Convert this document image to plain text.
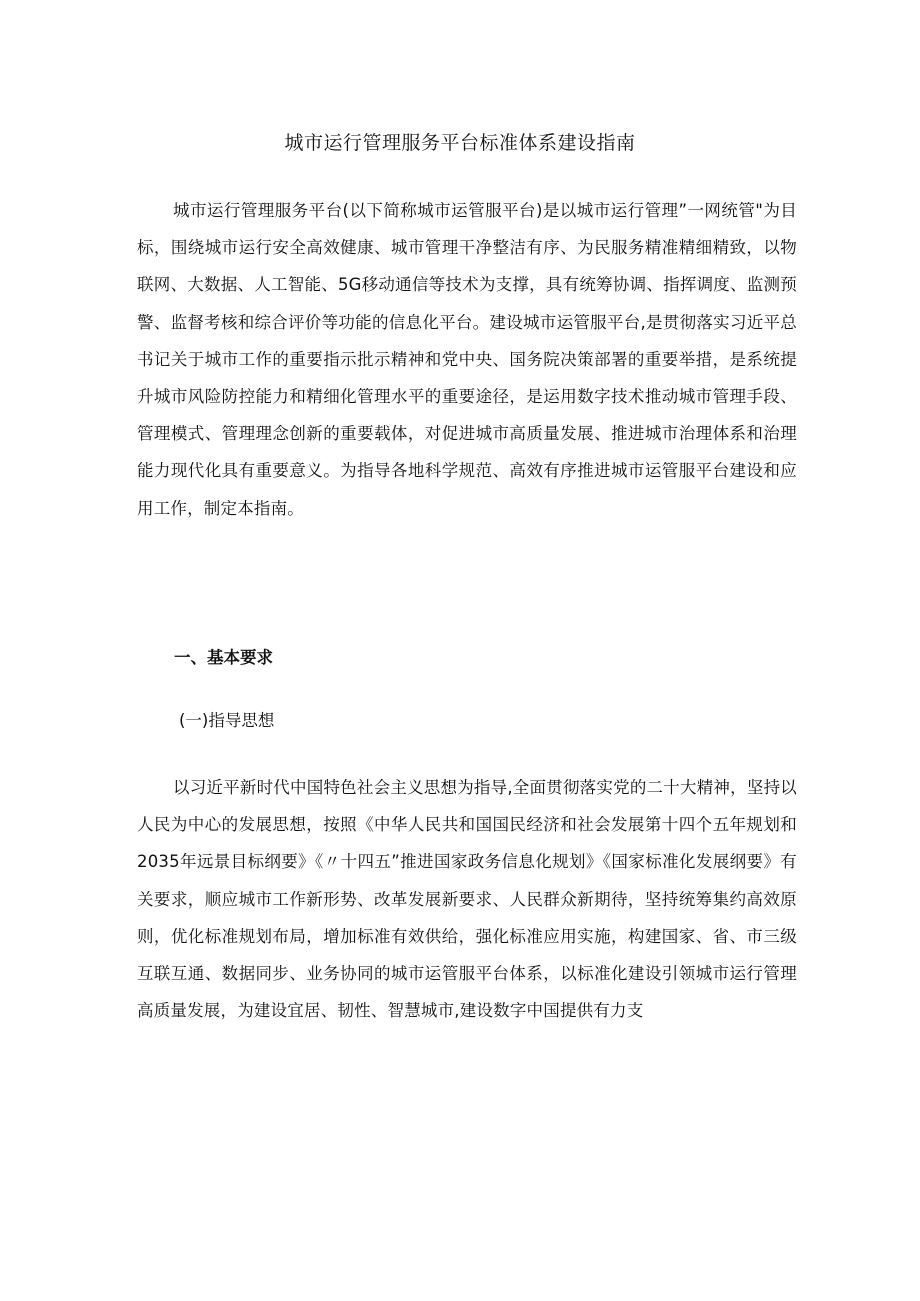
城市运行管理服务平台标准体系建设指南

城市运行管理服务平台(以下简称城市运管服平台)是以城市运行管理”一网统管"为目标，围绕城市运行安全高效健康、城市管理干净整洁有序、为民服务精准精细精致，以物联网、大数据、人工智能、5G移动通信等技术为支撑，具有统筹协调、指挥调度、监测预警、监督考核和综合评价等功能的信息化平台。建设城市运管服平台,是贯彻落实习近平总书记关于城市工作的重要指示批示精神和党中央、国务院决策部署的重要举措，是系统提升城市风险防控能力和精细化管理水平的重要途径，是运用数字技术推动城市管理手段、管理模式、管理理念创新的重要载体，对促进城市高质量发展、推进城市治理体系和治理能力现代化具有重要意义。为指导各地科学规范、高效有序推进城市运管服平台建设和应用工作，制定本指南。

一、基本要求
(一)指导思想

以习近平新时代中国特色社会主义思想为指导,全面贯彻落实党的二十大精神，坚持以人民为中心的发展思想，按照《中华人民共和国国民经济和社会发展第十四个五年规划和2035年远景目标纲要》《〃十四五”推进国家政务信息化规划》《国家标准化发展纲要》有关要求，顺应城市工作新形势、改革发展新要求、人民群众新期待，坚持统筹集约高效原则，优化标准规划布局，增加标准有效供给，强化标准应用实施，构建国家、省、市三级互联互通、数据同步、业务协同的城市运管服平台体系，以标准化建设引领城市运行管理高质量发展，为建设宜居、韧性、智慧城市,建设数字中国提供有力支
